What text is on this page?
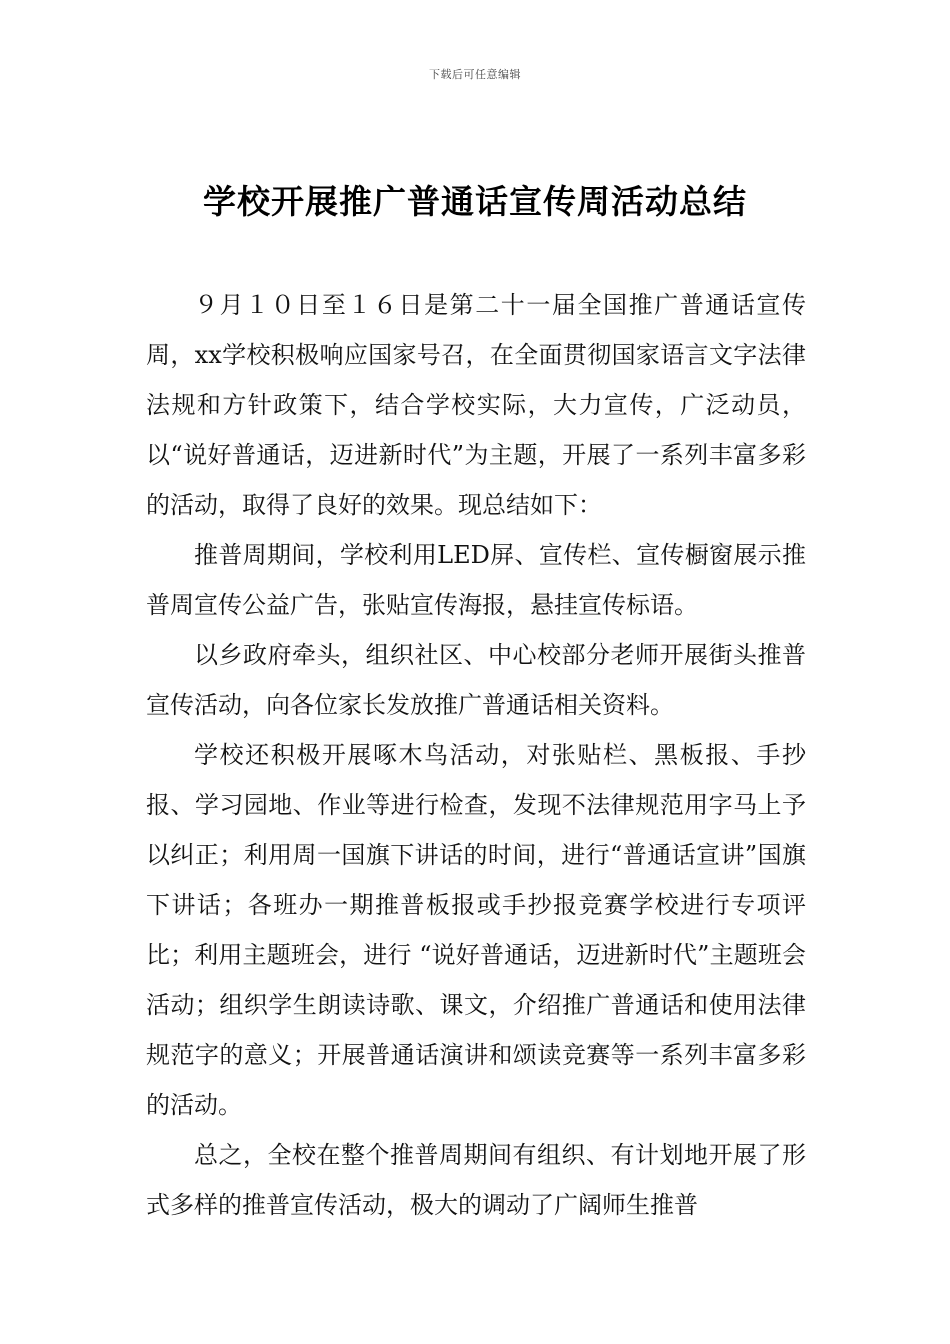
下载后可任意编辑
学校开展推广普通话宣传周活动总结

９月１０日至１６日是第二十一届全国推广普通话宣传周，xx学校积极响应国家号召，在全面贯彻国家语言文字法律法规和方针政策下，结合学校实际，大力宣传，广泛动员，以“说好普通话，迈进新时代”为主题，开展了一系列丰富多彩的活动，取得了良好的效果。现总结如下：

推普周期间，学校利用LED屏、宣传栏、宣传橱窗展示推普周宣传公益广告，张贴宣传海报，悬挂宣传标语。

以乡政府牵头，组织社区、中心校部分老师开展街头推普宣传活动，向各位家长发放推广普通话相关资料。

学校还积极开展啄木鸟活动，对张贴栏、黑板报、手抄报、学习园地、作业等进行检查，发现不法律规范用字马上予以纠正；利用周一国旗下讲话的时间，进行“普通话宣讲”国旗下讲话；各班办一期推普板报或手抄报竞赛学校进行专项评比；利用主题班会，进行 “说好普通话，迈进新时代”主题班会活动；组织学生朗读诗歌、课文，介绍推广普通话和使用法律规范字的意义；开展普通话演讲和颂读竞赛等一系列丰富多彩的活动。

总之，全校在整个推普周期间有组织、有计划地开展了形式多样的推普宣传活动，极大的调动了广阔师生推普
